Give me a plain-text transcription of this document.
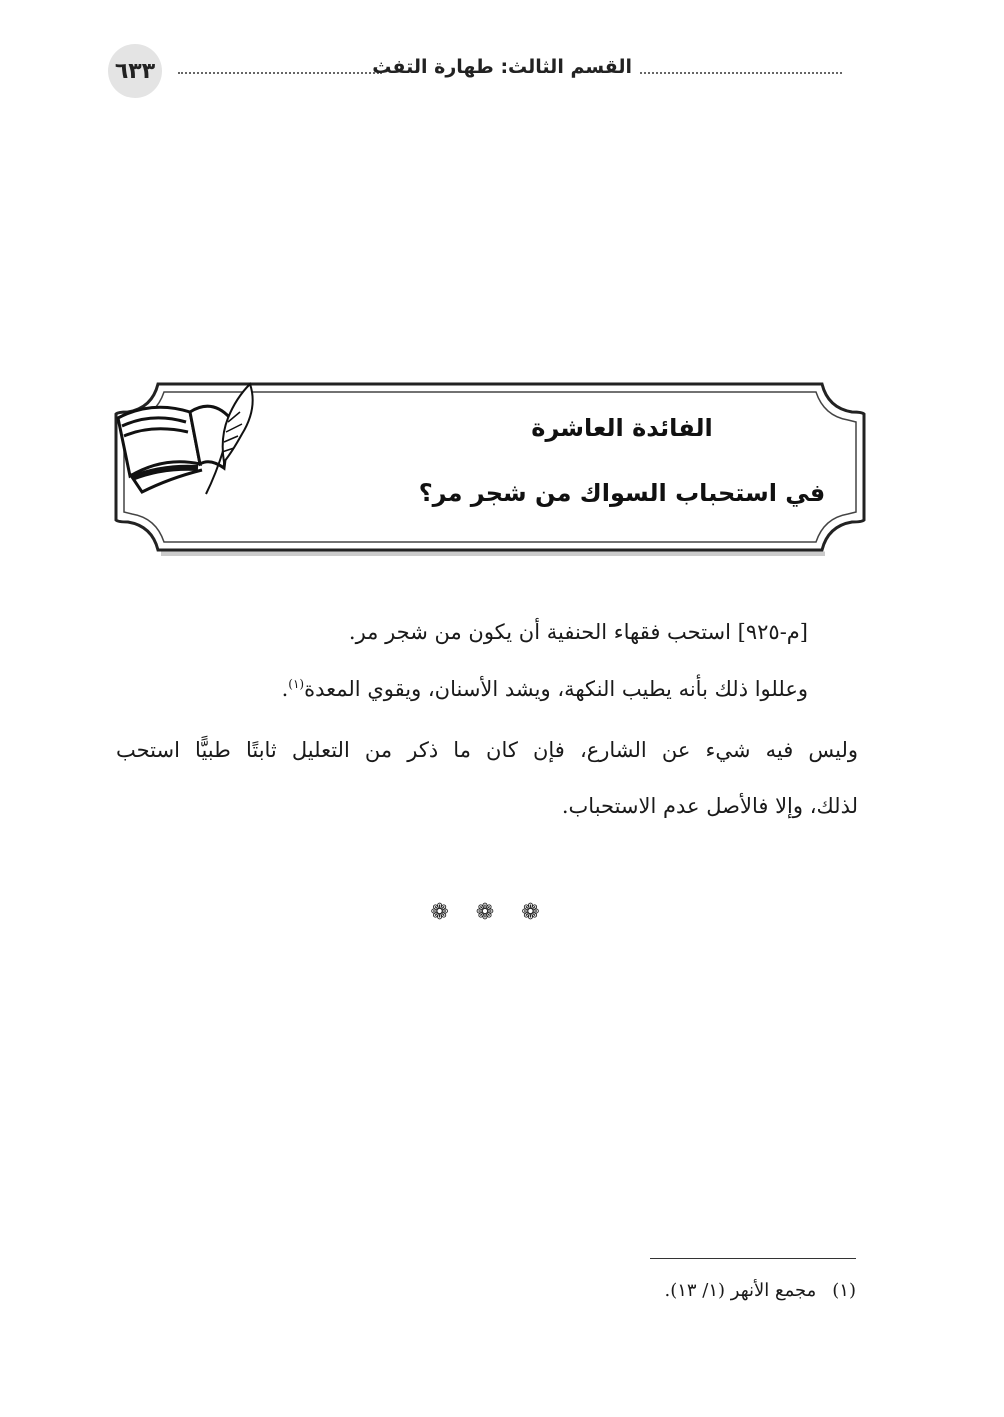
٦٣٣	القسم الثالث: طهارة التفث
الفائدة العاشرة
في استحباب السواك من شجر مر؟
[م-٩٢٥] استحب فقهاء الحنفية أن يكون من شجر مر.
وعللوا ذلك بأنه يطيب النكهة، ويشد الأسنان، ويقوي المعدة$^{(١)}$.
وليس فيه شيء عن الشارع، فإن كان ما ذكر من التعليل ثابتًا طبيًّا استحب
لذلك، وإلا فالأصل عدم الاستحباب.
❁ ❁ ❁
(١)مجمع الأنهر (١/ ١٣).
